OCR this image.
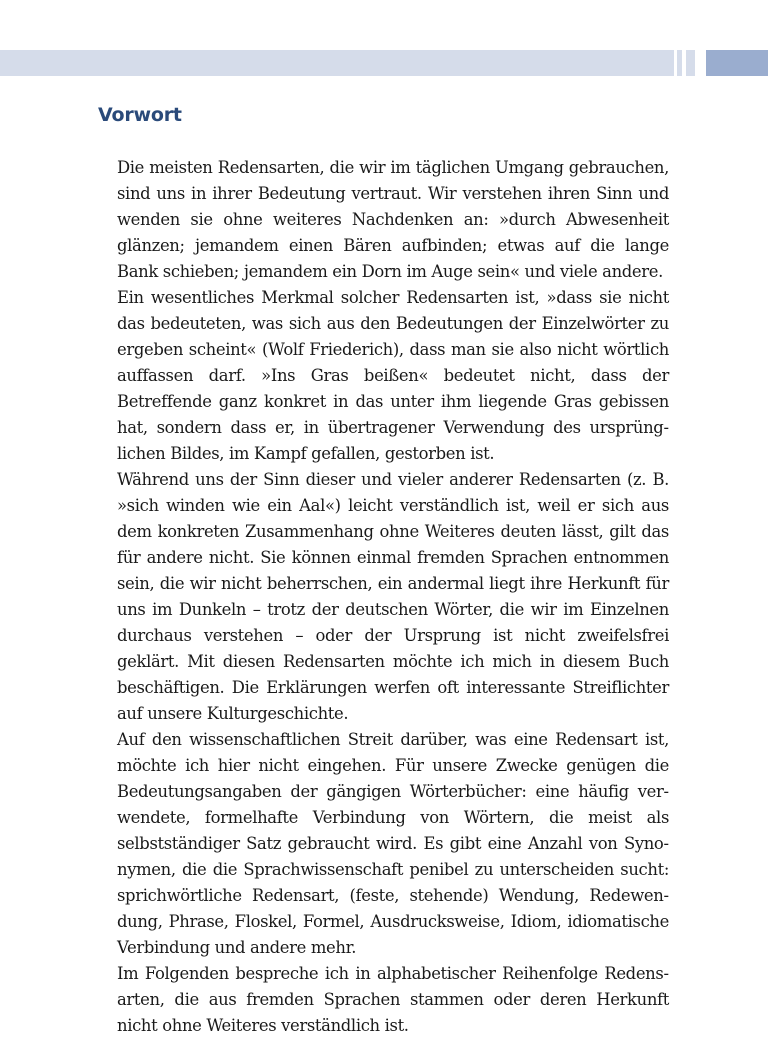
Vorwort

Die meisten Redensarten, die wir im täglichen Umgang gebrauchen, sind uns in ihrer Bedeutung vertraut. Wir verstehen ihren Sinn und wenden sie ohne weiteres Nachdenken an: »durch Abwesenheit glänzen; jemandem einen Bären aufbinden; etwas auf die lange Bank schieben; jemandem ein Dorn im Auge sein« und viele andere.

Ein wesentliches Merkmal solcher Redensarten ist, »dass sie nicht das bedeuteten, was sich aus den Bedeutungen der Einzelwörter zu ergeben scheint« (Wolf Friederich), dass man sie also nicht wörtlich auffassen darf. »Ins Gras beißen« bedeutet nicht, dass der Betreffende ganz konkret in das unter ihm liegende Gras gebissen hat, sondern dass er, in übertragener Verwendung des ursprünglichen Bildes, im Kampf gefallen, gestorben ist.

Während uns der Sinn dieser und vieler anderer Redensarten (z. B. »sich winden wie ein Aal«) leicht verständlich ist, weil er sich aus dem konkreten Zusammenhang ohne Weiteres deuten lässt, gilt das für andere nicht. Sie können einmal fremden Sprachen entnommen sein, die wir nicht beherrschen, ein andermal liegt ihre Herkunft für uns im Dunkeln – trotz der deutschen Wörter, die wir im Einzelnen durchaus verstehen – oder der Ursprung ist nicht zweifelsfrei geklärt. Mit diesen Redensarten möchte ich mich in diesem Buch beschäftigen. Die Erklärungen werfen oft interessante Streiflichter auf unsere Kulturgeschichte.

Auf den wissenschaftlichen Streit darüber, was eine Redensart ist, möchte ich hier nicht eingehen. Für unsere Zwecke genügen die Bedeutungsangaben der gängigen Wörterbücher: eine häufig verwendete, formelhafte Verbindung von Wörtern, die meist als selbstständiger Satz gebraucht wird. Es gibt eine Anzahl von Synonymen, die die Sprachwissenschaft penibel zu unterscheiden sucht: sprichwörtliche Redensart, (feste, stehende) Wendung, Redewendung, Phrase, Floskel, Formel, Ausdrucksweise, Idiom, idiomatische Verbindung und andere mehr.

Im Folgenden bespreche ich in alphabetischer Reihenfolge Redensarten, die aus fremden Sprachen stammen oder deren Herkunft nicht ohne Weiteres verständlich ist.
